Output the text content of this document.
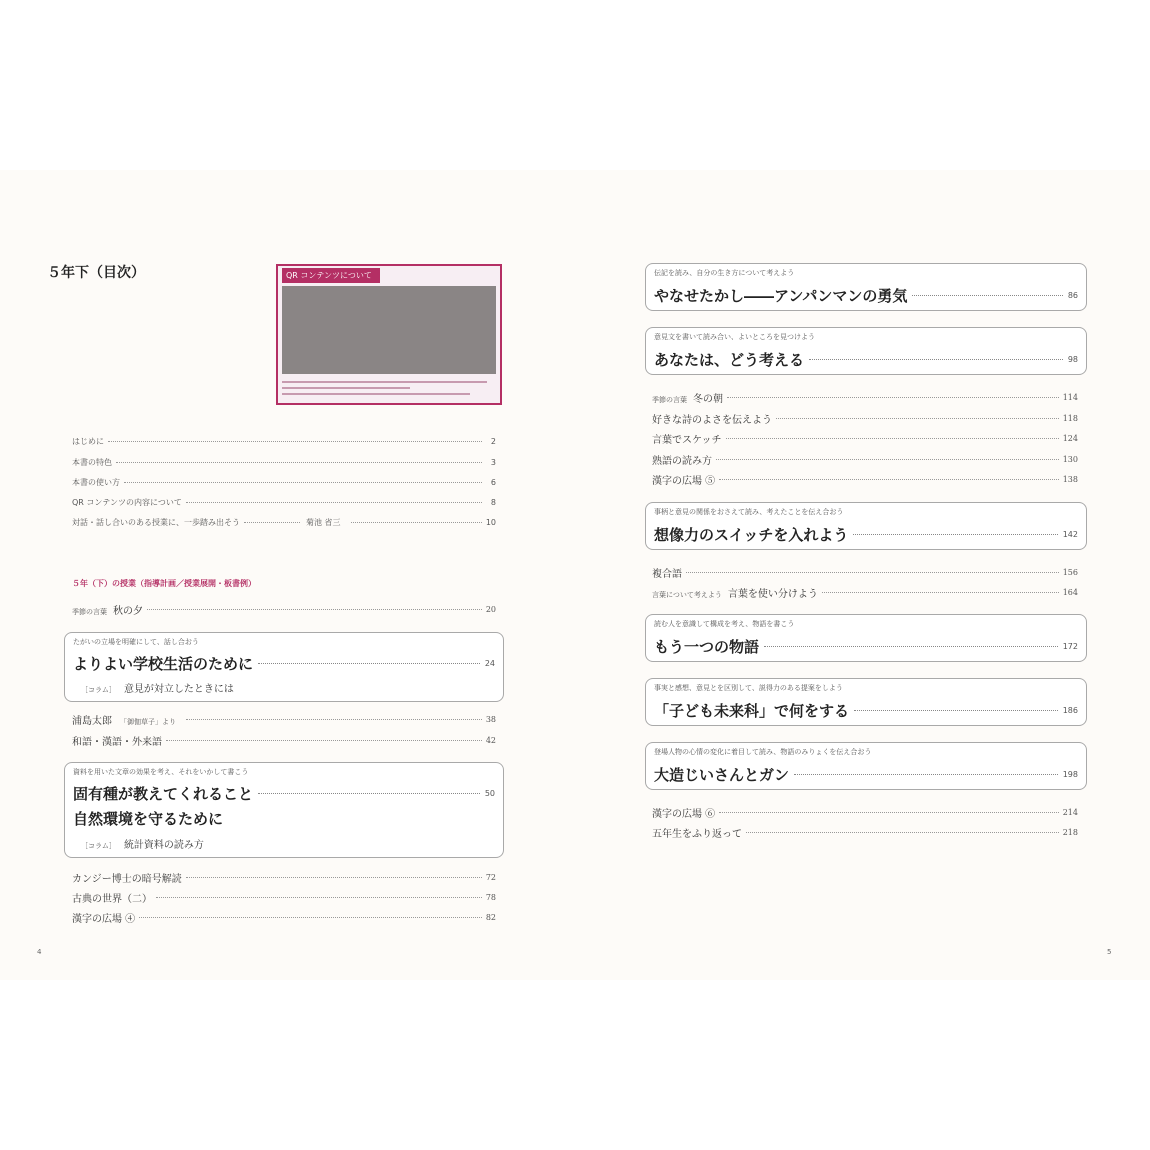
５年下（目次）	QR コンテンツについて
はじめに	2
本書の特色	3
本書の使い方	6
QR コンテンツの内容について	8
対話・話し合いのある授業に、一歩踏み出そう	菊池 省三	10
５年（下）の授業（指導計画／授業展開・板書例）
季節の言葉 秋の夕	20
たがいの立場を明確にして、話し合おう
よりよい学校生活のために	24
［コラム］ 意見が対立したときには
浦島太郎 「御伽草子」より	38
和語・漢語・外来語	42
資料を用いた文章の効果を考え、それをいかして書こう
固有種が教えてくれること	50
自然環境を守るために
［コラム］ 統計資料の読み方
カンジー博士の暗号解読	72
古典の世界（二）	78
漢字の広場 ④	82
4
伝記を読み、自分の生き方について考えよう
やなせたかし――アンパンマンの勇気	86
意見文を書いて読み合い、よいところを見つけよう
あなたは、どう考える	98
季節の言葉 冬の朝	114
好きな詩のよさを伝えよう	118
言葉でスケッチ	124
熟語の読み方	130
漢字の広場 ⑤	138
事柄と意見の関係をおさえて読み、考えたことを伝え合おう
想像力のスイッチを入れよう	142
複合語	156
言葉について考えよう 言葉を使い分けよう	164
読む人を意識して構成を考え、物語を書こう
もう一つの物語	172
事実と感想、意見とを区別して、説得力のある提案をしよう
「子ども未来科」で何をする	186
登場人物の心情の変化に着目して読み、物語のみりょくを伝え合おう
大造じいさんとガン	198
漢字の広場 ⑥	214
五年生をふり返って	218
5
